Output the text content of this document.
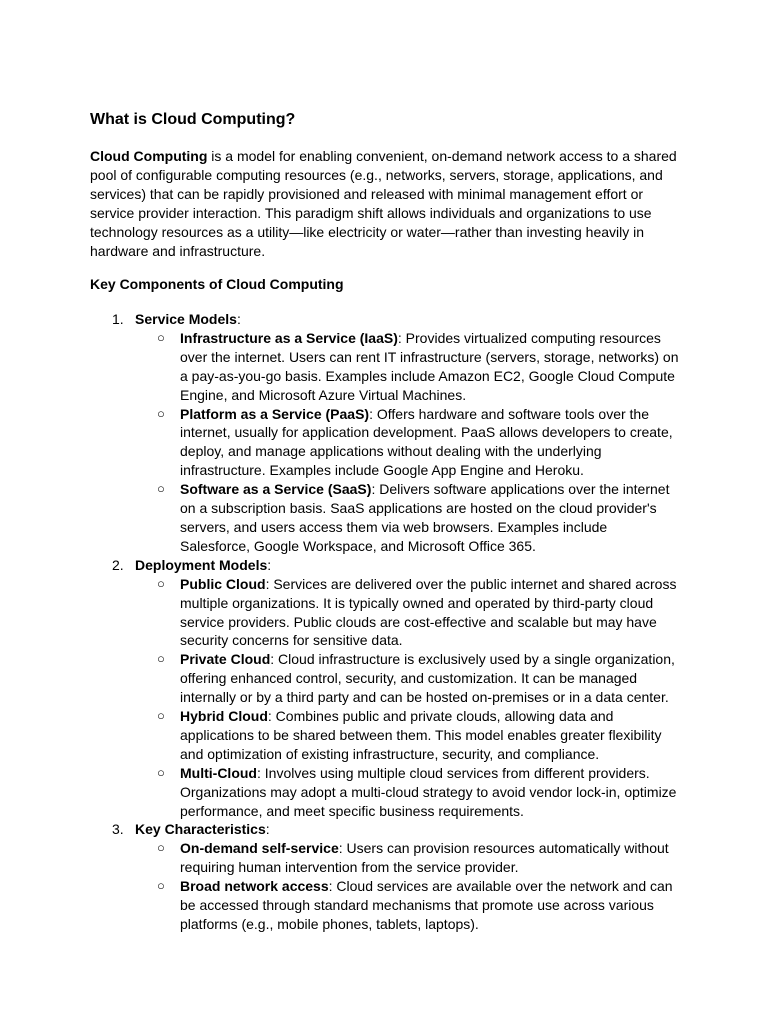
What is Cloud Computing?

Cloud Computing is a model for enabling convenient, on-demand network access to a shared pool of configurable computing resources (e.g., networks, servers, storage, applications, and services) that can be rapidly provisioned and released with minimal management effort or service provider interaction. This paradigm shift allows individuals and organizations to use technology resources as a utility—like electricity or water—rather than investing heavily in hardware and infrastructure.

Key Components of Cloud Computing
1. Service Models:
○ Infrastructure as a Service (IaaS): Provides virtualized computing resources over the internet. Users can rent IT infrastructure (servers, storage, networks) on a pay-as-you-go basis. Examples include Amazon EC2, Google Cloud Compute Engine, and Microsoft Azure Virtual Machines.
○ Platform as a Service (PaaS): Offers hardware and software tools over the internet, usually for application development. PaaS allows developers to create, deploy, and manage applications without dealing with the underlying infrastructure. Examples include Google App Engine and Heroku.
○ Software as a Service (SaaS): Delivers software applications over the internet on a subscription basis. SaaS applications are hosted on the cloud provider's servers, and users access them via web browsers. Examples include Salesforce, Google Workspace, and Microsoft Office 365.
2. Deployment Models:
○ Public Cloud: Services are delivered over the public internet and shared across multiple organizations. It is typically owned and operated by third-party cloud service providers. Public clouds are cost-effective and scalable but may have security concerns for sensitive data.
○ Private Cloud: Cloud infrastructure is exclusively used by a single organization, offering enhanced control, security, and customization. It can be managed internally or by a third party and can be hosted on-premises or in a data center.
○ Hybrid Cloud: Combines public and private clouds, allowing data and applications to be shared between them. This model enables greater flexibility and optimization of existing infrastructure, security, and compliance.
○ Multi-Cloud: Involves using multiple cloud services from different providers. Organizations may adopt a multi-cloud strategy to avoid vendor lock-in, optimize performance, and meet specific business requirements.
3. Key Characteristics:
○ On-demand self-service: Users can provision resources automatically without requiring human intervention from the service provider.
○ Broad network access: Cloud services are available over the network and can be accessed through standard mechanisms that promote use across various platforms (e.g., mobile phones, tablets, laptops).
